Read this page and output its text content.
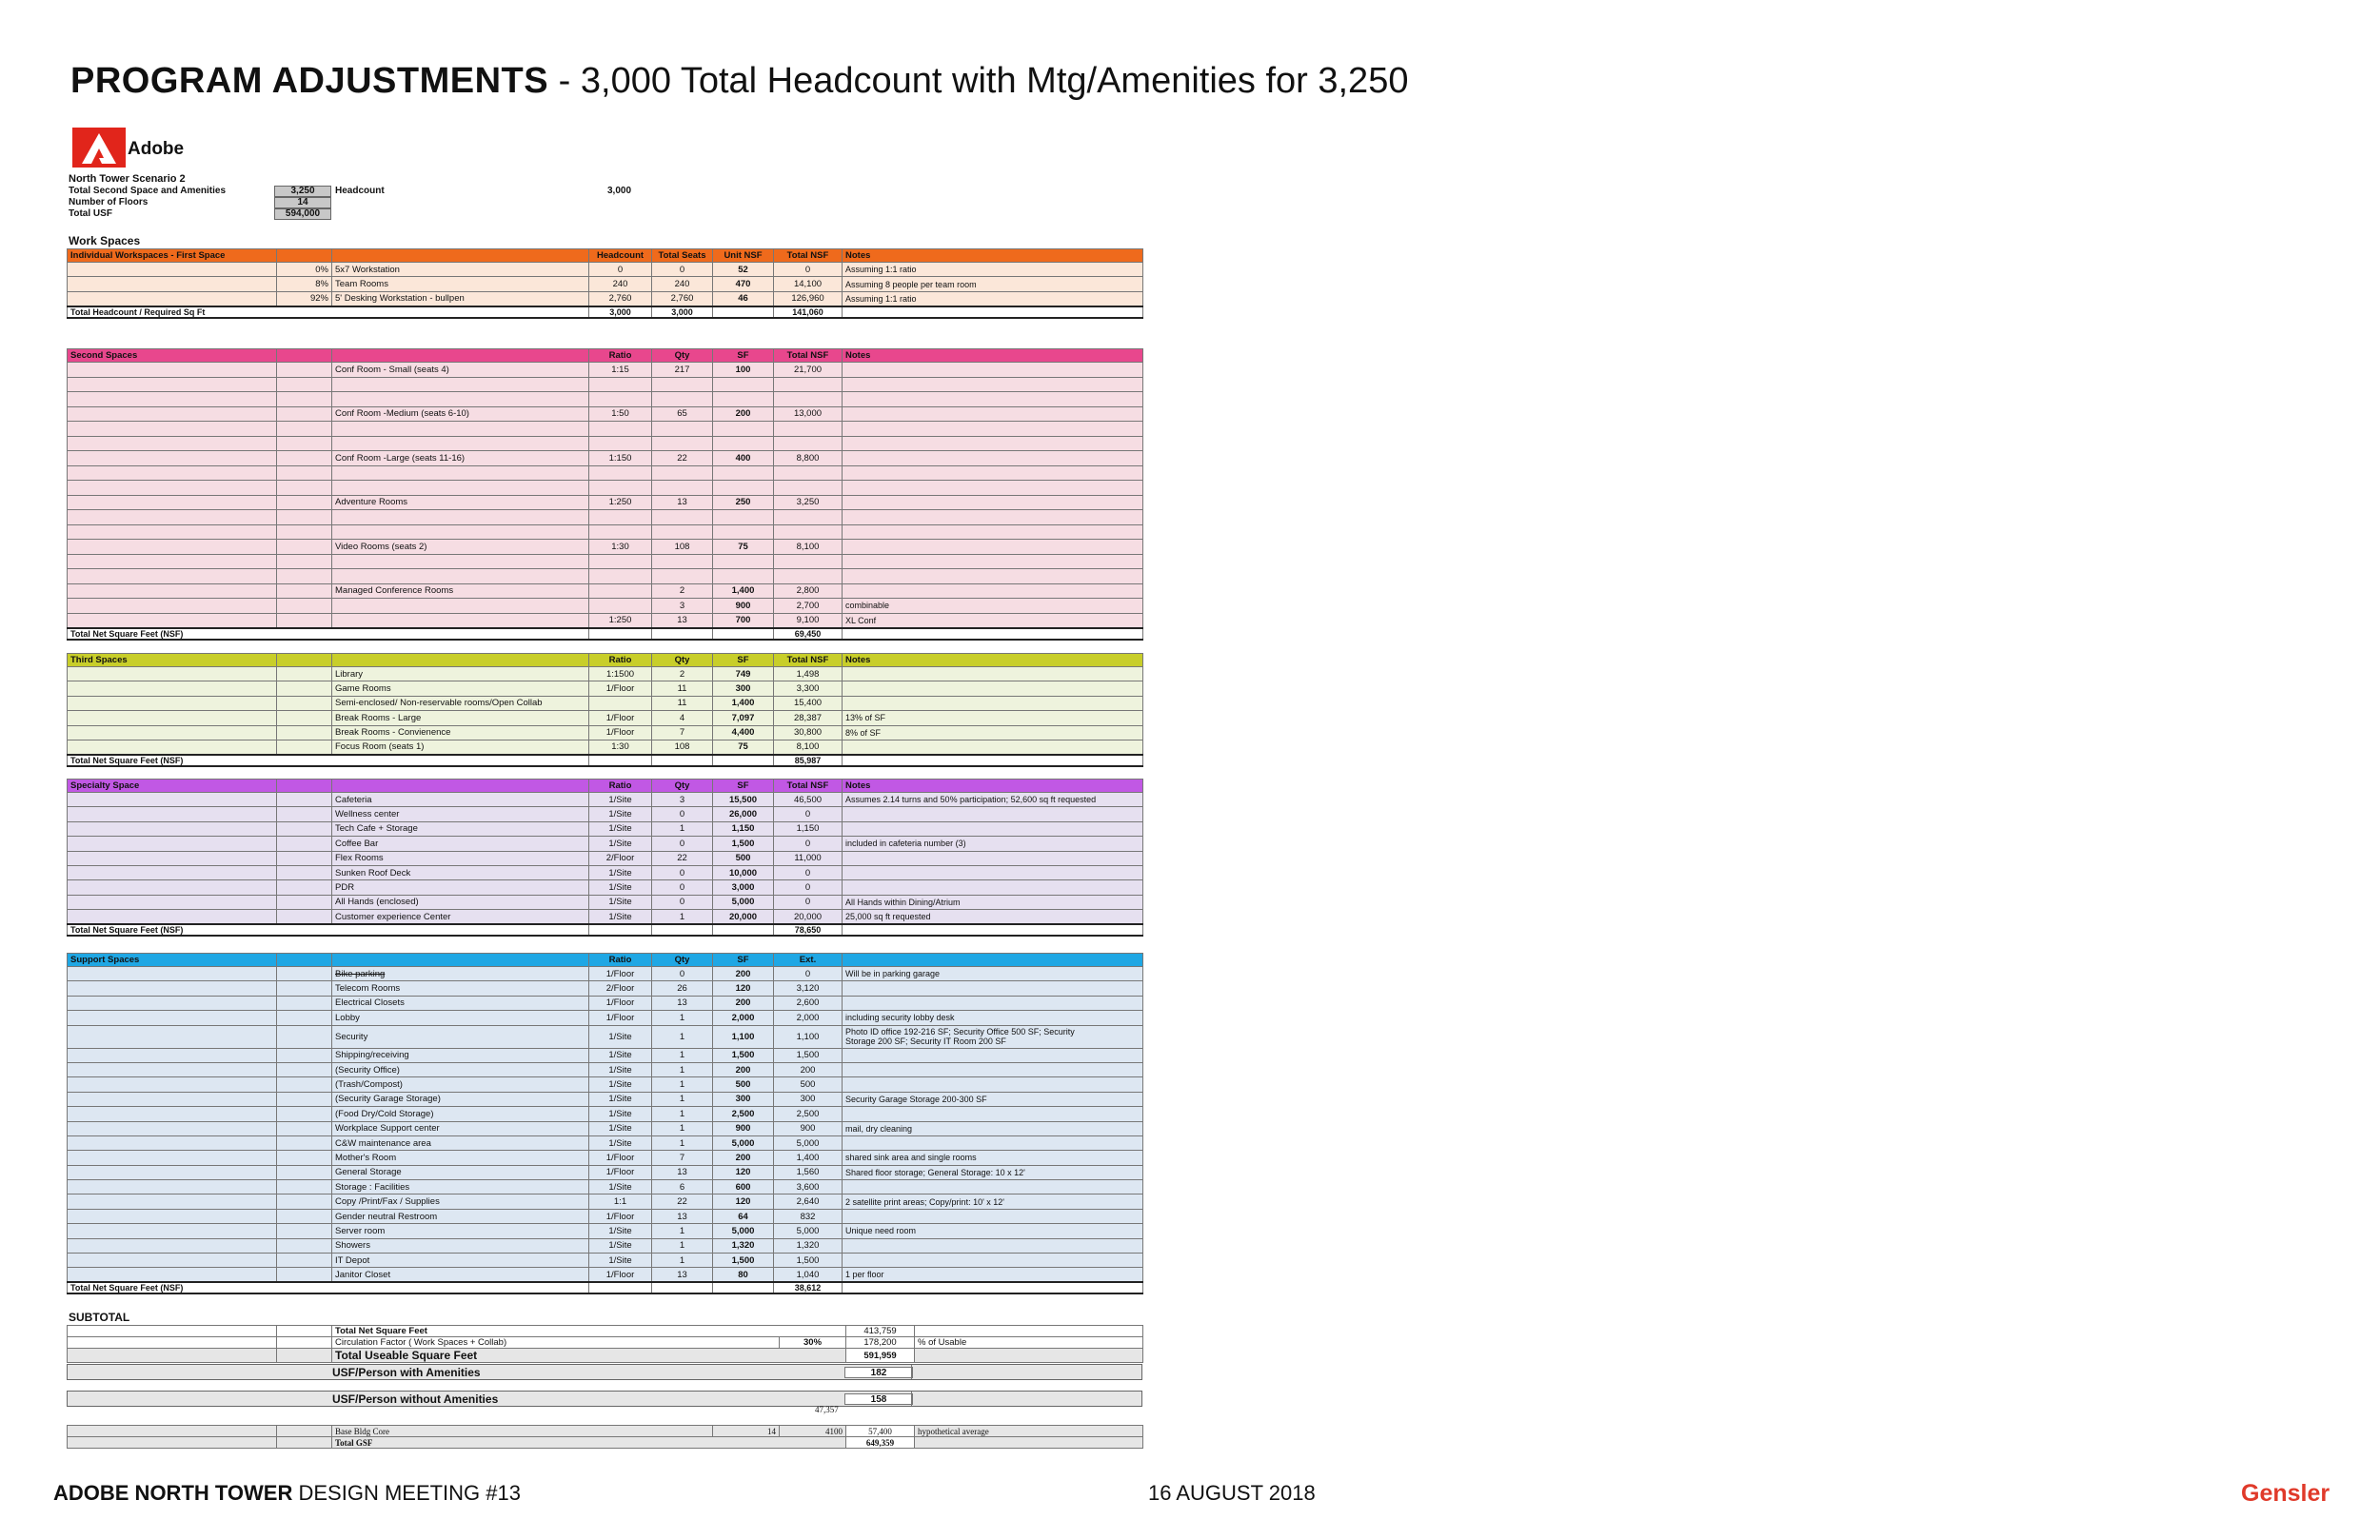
PROGRAM ADJUSTMENTS - 3,000 Total Headcount with Mtg/Amenities for 3,250
Adobe
North Tower Scenario 2
Total Second Space and Amenities	3,250	Headcount	3,000
Number of Floors	14
Total USF	594,000
Work Spaces
Individual Workspaces - First Space			Headcount	Total Seats	Unit NSF	Total NSF	Notes
	0%	5x7 Workstation	0	0	52	0	Assuming 1:1 ratio
	8%	Team Rooms	240	240	470	14,100	Assuming 8 people per team room
	92%	5' Desking Workstation - bullpen	2,760	2,760	46	126,960	Assuming 1:1 ratio
Total Headcount / Required Sq Ft			3,000	3,000		141,060	
Second Spaces			Ratio	Qty	SF	Total NSF	Notes
		Conf Room - Small (seats 4)	1:15	217	100	21,700	

		Conf Room -Medium (seats 6-10)	1:50	65	200	13,000	

		Conf Room -Large (seats 11-16)	1:150	22	400	8,800	

		Adventure Rooms	1:250	13	250	3,250	

		Video Rooms (seats 2)	1:30	108	75	8,100	

		Managed Conference Rooms		2	1,400	2,800	
				3	900	2,700	combinable
			1:250	13	700	9,100	XL Conf
Total Net Square Feet (NSF)						69,450	
Third Spaces			Ratio	Qty	SF	Total NSF	Notes
		Library	1:1500	2	749	1,498	
		Game Rooms	1/Floor	11	300	3,300	
		Semi-enclosed/ Non-reservable rooms/Open Collab		11	1,400	15,400	
		Break Rooms - Large	1/Floor	4	7,097	28,387	13% of SF
		Break Rooms - Convienence	1/Floor	7	4,400	30,800	8% of SF
		Focus Room (seats 1)	1:30	108	75	8,100	
Total Net Square Feet (NSF)						85,987	
Specialty Space			Ratio	Qty	SF	Total NSF	Notes
		Cafeteria	1/Site	3	15,500	46,500	Assumes 2.14 turns and 50% participation; 52,600 sq ft requested
		Wellness center	1/Site	0	26,000	0	
		Tech Cafe + Storage	1/Site	1	1,150	1,150	
		Coffee Bar	1/Site	0	1,500	0	included in cafeteria number (3)
		Flex Rooms	2/Floor	22	500	11,000	
		Sunken Roof Deck	1/Site	0	10,000	0	
		PDR	1/Site	0	3,000	0	
		All Hands (enclosed)	1/Site	0	5,000	0	All Hands within Dining/Atrium
		Customer experience Center	1/Site	1	20,000	20,000	25,000 sq ft requested
Total Net Square Feet (NSF)						78,650	
Support Spaces			Ratio	Qty	SF	Ext.	
		Bike parking	1/Floor	0	200	0	Will be in parking garage
		Telecom Rooms	2/Floor	26	120	3,120	
		Electrical Closets	1/Floor	13	200	2,600	
		Lobby	1/Floor	1	2,000	2,000	including security lobby desk
		Security	1/Site	1	1,100	1,100	Photo ID office 192-216 SF; Security Office 500 SF; Security
Storage 200 SF; Security IT Room 200 SF

		Shipping/receiving	1/Site	1	1,500	1,500	
		(Security Office)	1/Site	1	200	200	
		(Trash/Compost)	1/Site	1	500	500	
		(Security Garage Storage)	1/Site	1	300	300	Security Garage Storage 200-300 SF
		(Food Dry/Cold Storage)	1/Site	1	2,500	2,500	
		Workplace Support center	1/Site	1	900	900	mail, dry cleaning
		C&W maintenance area	1/Site	1	5,000	5,000	
		Mother's Room	1/Floor	7	200	1,400	shared sink area and single rooms
		General Storage	1/Floor	13	120	1,560	Shared floor storage; General Storage: 10 x 12'
		Storage : Facilities	1/Site	6	600	3,600	
		Copy /Print/Fax / Supplies	1:1	22	120	2,640	2 satellite print areas; Copy/print: 10' x 12'
		Gender neutral Restroom	1/Floor	13	64	832	
		Server room	1/Site	1	5,000	5,000	Unique need room
		Showers	1/Site	1	1,320	1,320	
		IT Depot	1/Site	1	1,500	1,500	
		Janitor Closet	1/Floor	13	80	1,040	1 per floor
Total Net Square Feet (NSF)						38,612	
SUBTOTAL
		Total Net Square Feet		413,759	
		Circulation Factor ( Work Spaces + Collab)	30%	178,200	% of Usable
		Total Useable Square Feet		591,959	
USF/Person with Amenities	182
USF/Person without Amenities	158
47,357
		Base Bldg Core	14	4100	57,400	hypothetical average
		Total GSF			649,359	
ADOBE NORTH TOWER DESIGN MEETING #13	16 AUGUST 2018	Gensler
